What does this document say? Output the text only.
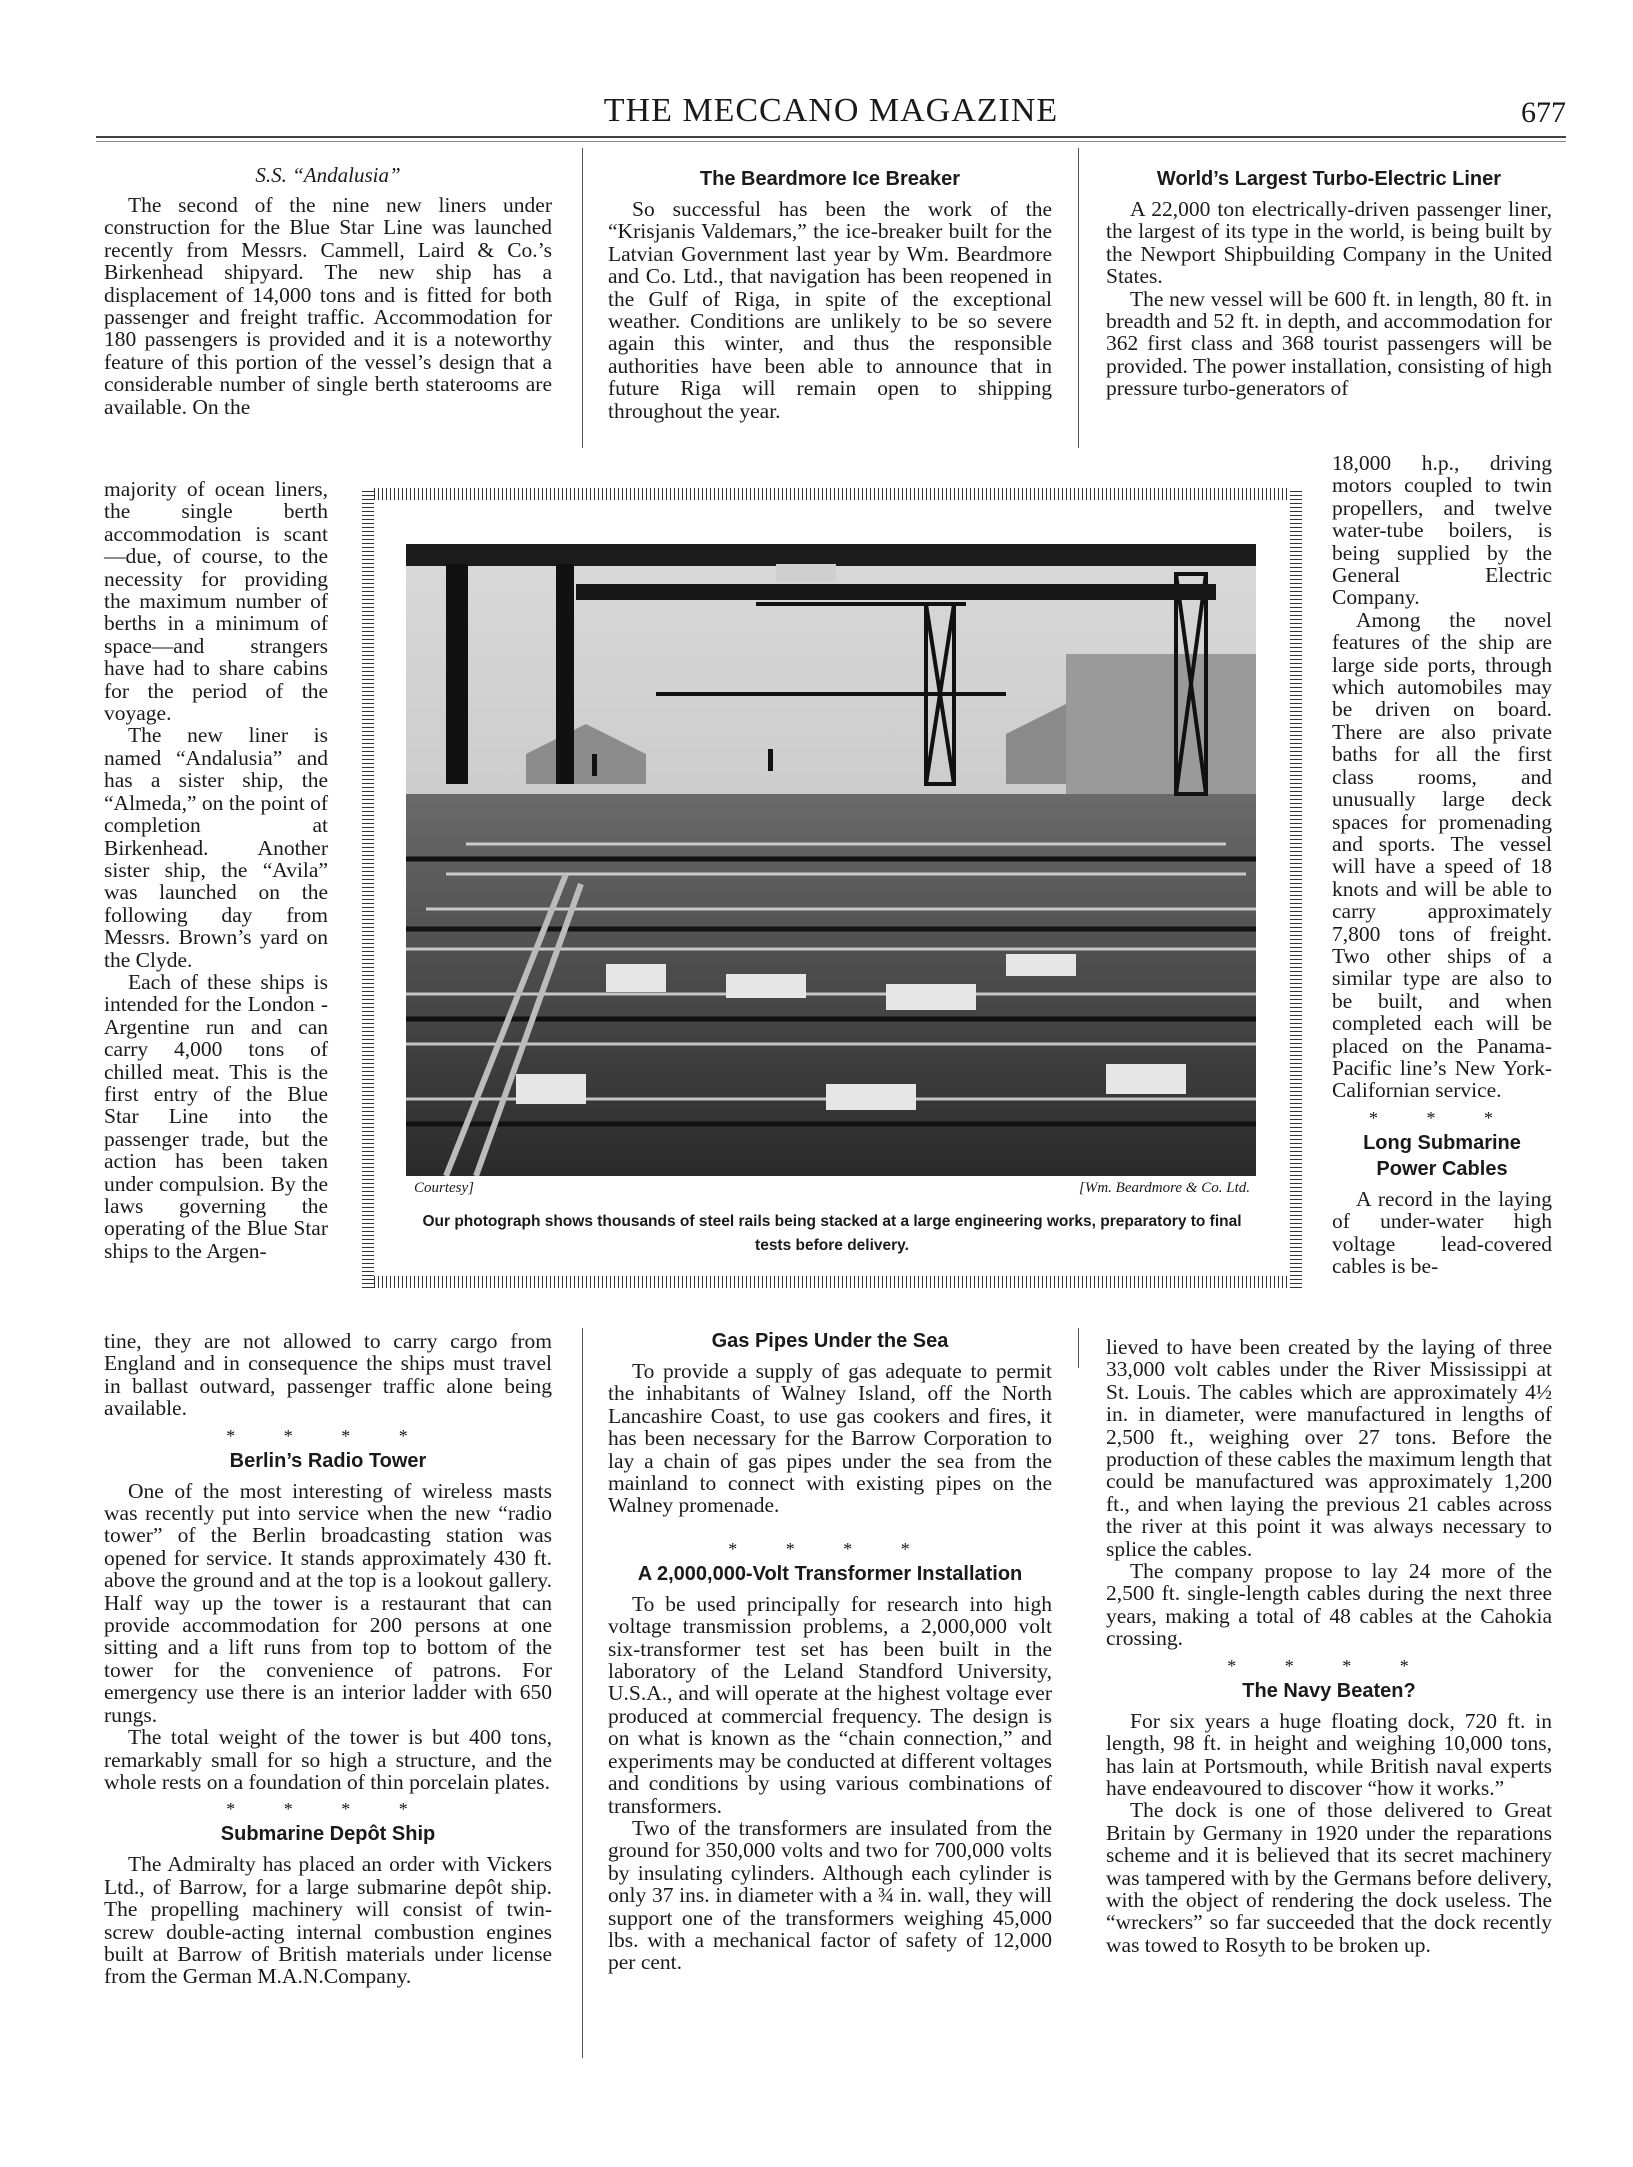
THE MECCANO MAGAZINE	677
S.S. “Andalusia”

The second of the nine new liners under construction for the Blue Star Line was launched recently from Messrs. Cammell, Laird & Co.’s Birkenhead shipyard. The new ship has a displacement of 14,000 tons and is fitted for both passenger and freight traffic. Accommodation for 180 passengers is provided and it is a noteworthy feature of this portion of the vessel’s design that a considerable number of single berth staterooms are available. On the

majority of ocean liners, the single berth accommodation is scant—due, of course, to the necessity for providing the maximum number of berths in a minimum of space—and strangers have had to share cabins for the period of the voyage.

The new liner is named “Andalusia” and has a sister ship, the “Almeda,” on the point of completion at Birkenhead. Another sister ship, the “Avila” was launched on the following day from Messrs. Brown’s yard on the Clyde.

Each of these ships is intended for the London - Argentine run and can carry 4,000 tons of chilled meat. This is the first entry of the Blue Star Line into the passenger trade, but the action has been taken under compulsion. By the laws governing the operating of the Blue Star ships to the Argen-

tine, they are not allowed to carry cargo from England and in consequence the ships must travel in ballast outward, passenger traffic alone being available.

* * * *
Berlin’s Radio Tower

One of the most interesting of wireless masts was recently put into service when the new “radio tower” of the Berlin broadcasting station was opened for service. It stands approximately 430 ft. above the ground and at the top is a lookout gallery. Half way up the tower is a restaurant that can provide accommodation for 200 persons at one sitting and a lift runs from top to bottom of the tower for the convenience of patrons. For emergency use there is an interior ladder with 650 rungs.

The total weight of the tower is but 400 tons, remarkably small for so high a structure, and the whole rests on a foundation of thin porcelain plates.

* * * *
Submarine Depôt Ship

The Admiralty has placed an order with Vickers Ltd., of Barrow, for a large submarine depôt ship. The propelling machinery will consist of twin-screw double-acting internal combustion engines built at Barrow of British materials under license from the German M.A.N.Company.

The Beardmore Ice Breaker

So successful has been the work of the “Krisjanis Valdemars,” the ice-breaker built for the Latvian Government last year by Wm. Beardmore and Co. Ltd., that navigation has been reopened in the Gulf of Riga, in spite of the exceptional weather. Conditions are unlikely to be so severe again this winter, and thus the responsible authorities have been able to announce that in future Riga will remain open to shipping throughout the year.

Gas Pipes Under the Sea

To provide a supply of gas adequate to permit the inhabitants of Walney Island, off the North Lancashire Coast, to use gas cookers and fires, it has been necessary for the Barrow Corporation to lay a chain of gas pipes under the sea from the mainland to connect with existing pipes on the Walney promenade.

* * * *
A 2,000,000-Volt Transformer Installation

To be used principally for research into high voltage transmission problems, a 2,000,000 volt six-transformer test set has been built in the laboratory of the Leland Standford University, U.S.A., and will operate at the highest voltage ever produced at commercial frequency. The design is on what is known as the “chain connection,” and experiments may be conducted at different voltages and conditions by using various combinations of transformers.

Two of the transformers are insulated from the ground for 350,000 volts and two for 700,000 volts by insulating cylinders. Although each cylinder is only 37 ins. in diameter with a ¾ in. wall, they will support one of the transformers weighing 45,000 lbs. with a mechanical factor of safety of 12,000 per cent.

World’s Largest Turbo-Electric Liner

A 22,000 ton electrically-driven passenger liner, the largest of its type in the world, is being built by the Newport Shipbuilding Company in the United States.

The new vessel will be 600 ft. in length, 80 ft. in breadth and 52 ft. in depth, and accommodation for 362 first class and 368 tourist passengers will be provided. The power installation, consisting of high pressure turbo-generators of

18,000 h.p., driving motors coupled to twin propellers, and twelve water-tube boilers, is being supplied by the General Electric Company.

Among the novel features of the ship are large side ports, through which automobiles may be driven on board. There are also private baths for all the first class rooms, and unusually large deck spaces for promenading and sports. The vessel will have a speed of 18 knots and will be able to carry approximately 7,800 tons of freight. Two other ships of a similar type are also to be built, and when completed each will be placed on the Panama-Pacific line’s New York-Californian service.

* * *
Long Submarine Power Cables

A record in the laying of under-water high voltage lead-covered cables is be-

lieved to have been created by the laying of three 33,000 volt cables under the River Mississippi at St. Louis. The cables which are approximately 4½ in. in diameter, were manufactured in lengths of 2,500 ft., weighing over 27 tons. Before the production of these cables the maximum length that could be manufactured was approximately 1,200 ft., and when laying the previous 21 cables across the river at this point it was always necessary to splice the cables.

The company propose to lay 24 more of the 2,500 ft. single-length cables during the next three years, making a total of 48 cables at the Cahokia crossing.

* * * *
The Navy Beaten?

For six years a huge floating dock, 720 ft. in length, 98 ft. in height and weighing 10,000 tons, has lain at Portsmouth, while British naval experts have endeavoured to discover “how it works.”

The dock is one of those delivered to Great Britain by Germany in 1920 under the reparations scheme and it is believed that its secret machinery was tampered with by the Germans before delivery, with the object of rendering the dock useless. The “wreckers” so far succeeded that the dock recently was towed to Rosyth to be broken up.

Courtesy]	[Wm. Beardmore & Co. Ltd.
Our photograph shows thousands of steel rails being stacked at a large engineering works, preparatory to final tests before delivery.
